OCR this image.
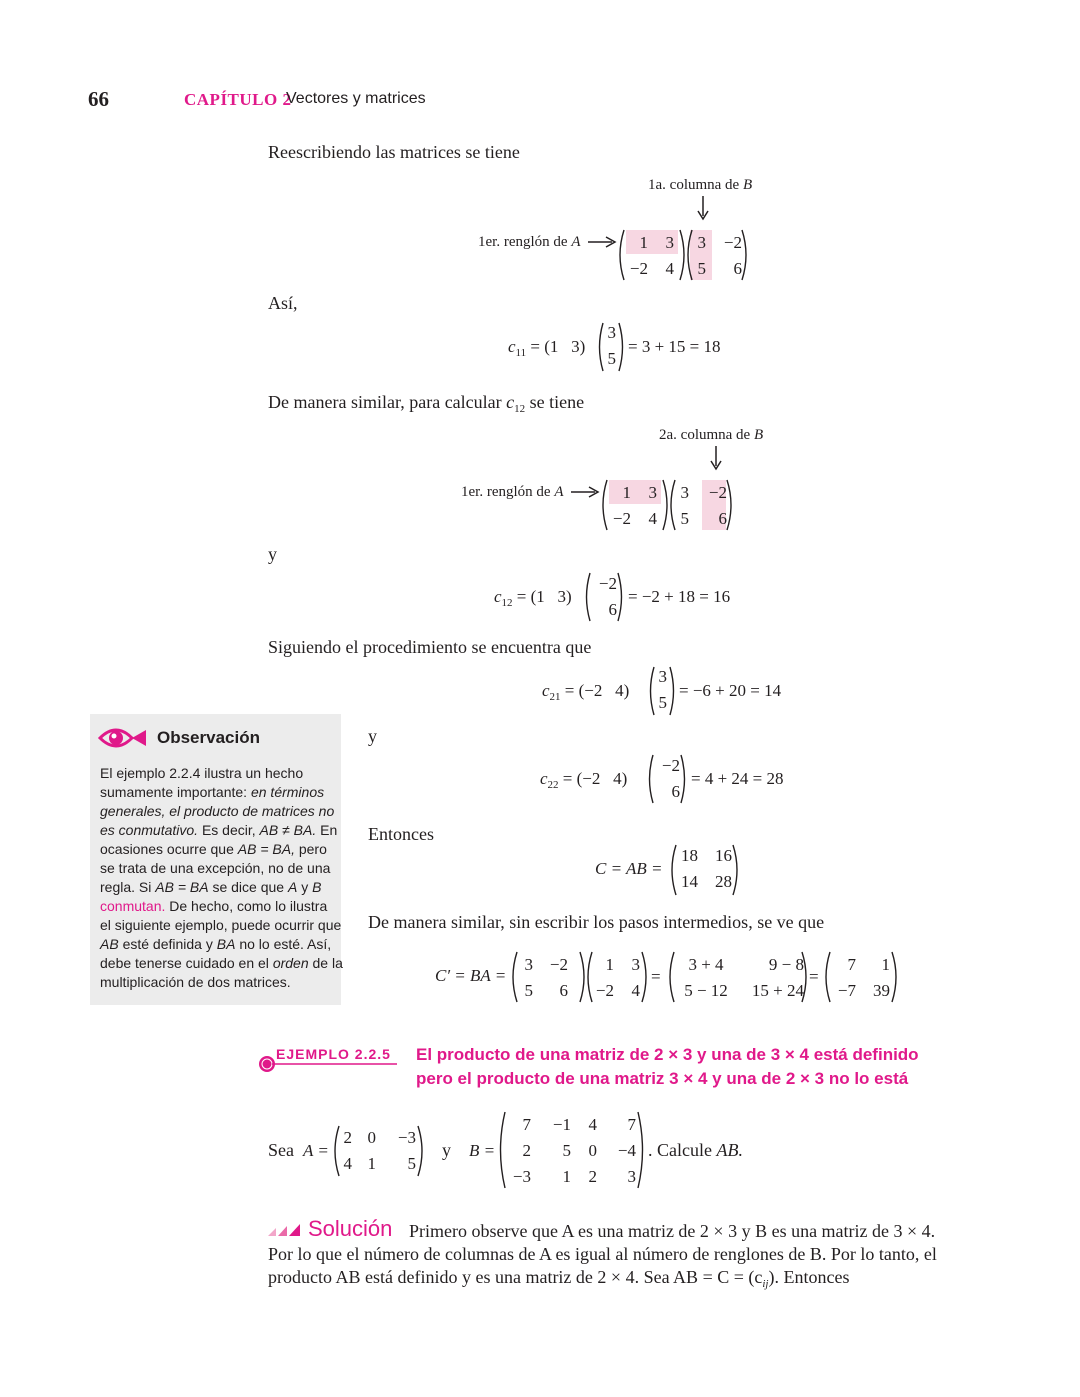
66	CAPÍTULO 2
Vectores y matrices
Reescribiendo las matrices se tiene
1a. columna de B
1er. renglón de A	1	3
−2	4
3	−2
5	6
Así,
$c_{11} = (1$   3)
3
5
= 3 + 15 = 18
De manera similar, para calcular $c_{12}$ se tiene
2a. columna de B
1er. renglón de A	1	3
−2	4
3	−2
5	6
y
$c_{12} = (1$   3)
−2
6
= −2 + 18 = 16
Siguiendo el procedimiento se encuentra que
$c_{21} = (-2$   4)
3
5
= −6 + 20 = 14
Observación
El ejemplo 2.2.4 ilustra un hecho
sumamente importante: en términos
generales, el producto de matrices no
es conmutativo. Es decir, AB ≠ BA. En
ocasiones ocurre que AB = BA, pero
se trata de una excepción, no de una
regla. Si AB = BA se dice que A y B
conmutan. De hecho, como lo ilustra
el siguiente ejemplo, puede ocurrir que
AB esté definida y BA no lo esté. Así,
debe tenerse cuidado en el orden de la
multiplicación de dos matrices.
y
$c_{22} = (-2$   4)
−2
6
= 4 + 24 = 28
Entonces
C = AB =
18	16
14	28
De manera similar, sin escribir los pasos intermedios, se ve que
C′ = BA =
3 −2
5	6
1	3
−2	4
=
3 + 4	9 − 8
5 − 12	15 + 24
=
7	1
−7	39
EJEMPLO 2.2.5 El producto de una matriz de 2 × 3 y una de 3 × 4 está definido
pero el producto de una matriz 3 × 4 y una de 2 × 3 no lo está
Sea A =
2 0	−3
4 1	5
y B =
7	−1	4	7
2	5	0	−4
−3	1	2	3
. Calcule AB.
Solución Primero observe que A es una matriz de 2 × 3 y B es una matriz de 3 × 4.
Por lo que el número de columnas de A es igual al número de renglones de B. Por lo tanto, el
producto AB está definido y es una matriz de 2 × 4. Sea AB = $C = (c_{ij})$. Entonces
